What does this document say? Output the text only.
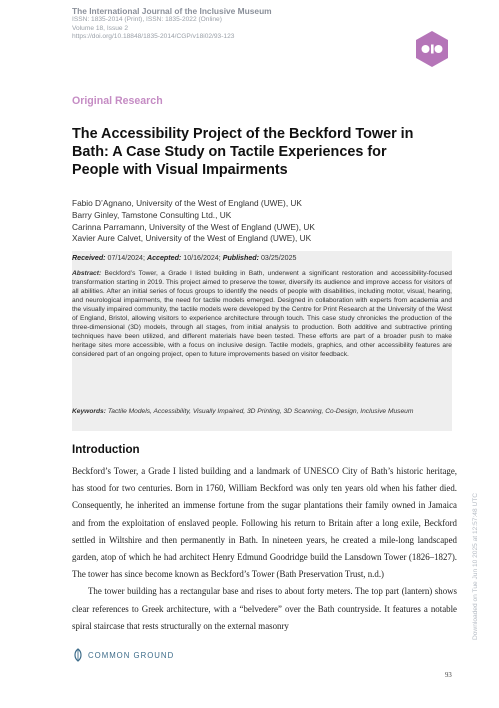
The International Journal of the Inclusive Museum
ISSN: 1835-2014 (Print), ISSN: 1835-2022 (Online)
Volume 18, Issue 2
https://doi.org/10.18848/1835-2014/CGP/v18i02/93-123
Original Research
The Accessibility Project of the Beckford Tower in Bath: A Case Study on Tactile Experiences for People with Visual Impairments
Fabio D’Agnano, University of the West of England (UWE), UK
Barry Ginley, Tamstone Consulting Ltd., UK
Carinna Parramann, University of the West of England (UWE), UK
Xavier Aure Calvet, University of the West of England (UWE), UK
Received: 07/14/2024; Accepted: 10/16/2024; Published: 03/25/2025
Abstract: Beckford’s Tower, a Grade I listed building in Bath, underwent a significant restoration and accessibility-focused transformation starting in 2019. This project aimed to preserve the tower, diversify its audience and improve access for visitors of all abilities. After an initial series of focus groups to identify the needs of people with disabilities, including motor, visual, hearing, and neurological impairments, the need for tactile models emerged. Designed in collaboration with experts from academia and the visually impaired community, the tactile models were developed by the Centre for Print Research at the University of the West of England, Bristol, allowing visitors to experience architecture through touch. This case study chronicles the production of the three-dimensional (3D) models, through all stages, from initial analysis to production. Both additive and subtractive printing techniques have been utilized, and different materials have been tested. These efforts are part of a broader push to make heritage sites more accessible, with a focus on inclusive design. Tactile models, graphics, and other accessibility features are considered part of an ongoing project, open to future improvements based on visitor feedback.
Keywords: Tactile Models, Accessibility, Visually Impaired, 3D Printing, 3D Scanning, Co-Design, Inclusive Museum
Introduction

Beckford’s Tower, a Grade I listed building and a landmark of UNESCO City of Bath’s historic heritage, has stood for two centuries. Born in 1760, William Beckford was only ten years old when his father died. Consequently, he inherited an immense fortune from the sugar plantations their family owned in Jamaica and from the exploitation of enslaved people. Following his return to Britain after a long exile, Beckford settled in Wiltshire and then permanently in Bath. In nineteen years, he created a mile-long landscaped garden, atop of which he had architect Henry Edmund Goodridge build the Lansdown Tower (1826–1827). The tower has since become known as Beckford’s Tower (Bath Preservation Trust, n.d.)

The tower building has a rectangular base and rises to about forty meters. The top part (lantern) shows clear references to Greek architecture, with a “belvedere” over the Bath countryside. It features a notable spiral staircase that rests structurally on the external masonry	Downloaded on Tue Jun 10 2025 at 12:57:48 UTC
COMMON GROUND
93
